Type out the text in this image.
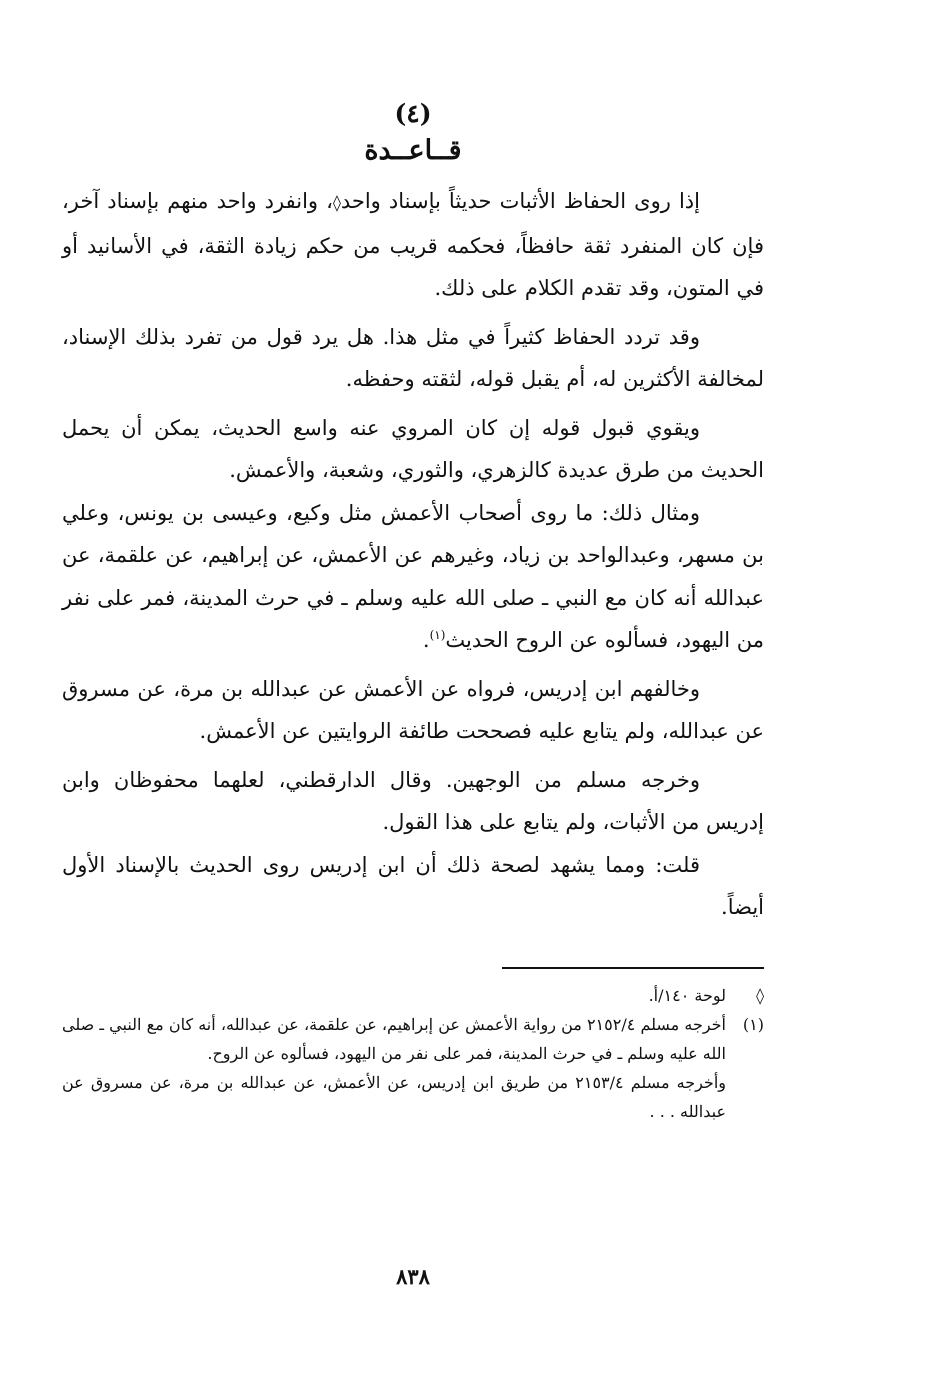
(٤)
قــاعــدة

إذا روى الحفاظ الأثبات حديثاً بإسناد واحد◊، وانفرد واحد منهم بإسناد آخر، فإن كان المنفرد ثقة حافظاً، فحكمه قريب من حكم زيادة الثقة، في الأسانيد أو في المتون، وقد تقدم الكلام على ذلك.

وقد تردد الحفاظ كثيراً في مثل هذا. هل يرد قول من تفرد بذلك الإسناد، لمخالفة الأكثرين له، أم يقبل قوله، لثقته وحفظه.

ويقوي قبول قوله إن كان المروي عنه واسع الحديث، يمكن أن يحمل الحديث من طرق عديدة كالزهري، والثوري، وشعبة، والأعمش.

ومثال ذلك: ما روى أصحاب الأعمش مثل وكيع، وعيسى بن يونس، وعلي بن مسهر، وعبدالواحد بن زياد، وغيرهم عن الأعمش، عن إبراهيم، عن علقمة، عن عبدالله أنه كان مع النبي ـ صلى الله عليه وسلم ـ في حرث المدينة، فمر على نفر من اليهود، فسألوه عن الروح الحديث$^{(١)}$.

وخالفهم ابن إدريس، فرواه عن الأعمش عن عبدالله بن مرة، عن مسروق عن عبدالله، ولم يتابع عليه فصححت طائفة الروايتين عن الأعمش.

وخرجه مسلم من الوجهين. وقال الدارقطني، لعلهما محفوظان وابن إدريس من الأثبات، ولم يتابع على هذا القول.

قلت: ومما يشهد لصحة ذلك أن ابن إدريس روى الحديث بالإسناد الأول أيضاً.

◊
لوحة ١٤٠/أ.
(١)

أخرجه مسلم ٢١٥٢/٤ من رواية الأعمش عن إبراهيم، عن علقمة، عن عبدالله، أنه كان مع النبي ـ صلى الله عليه وسلم ـ في حرث المدينة، فمر على نفر من اليهود، فسألوه عن الروح.

وأخرجه مسلم ٢١٥٣/٤ من طريق ابن إدريس، عن الأعمش، عن عبدالله بن مرة، عن مسروق عن عبدالله . . .

٨٣٨
